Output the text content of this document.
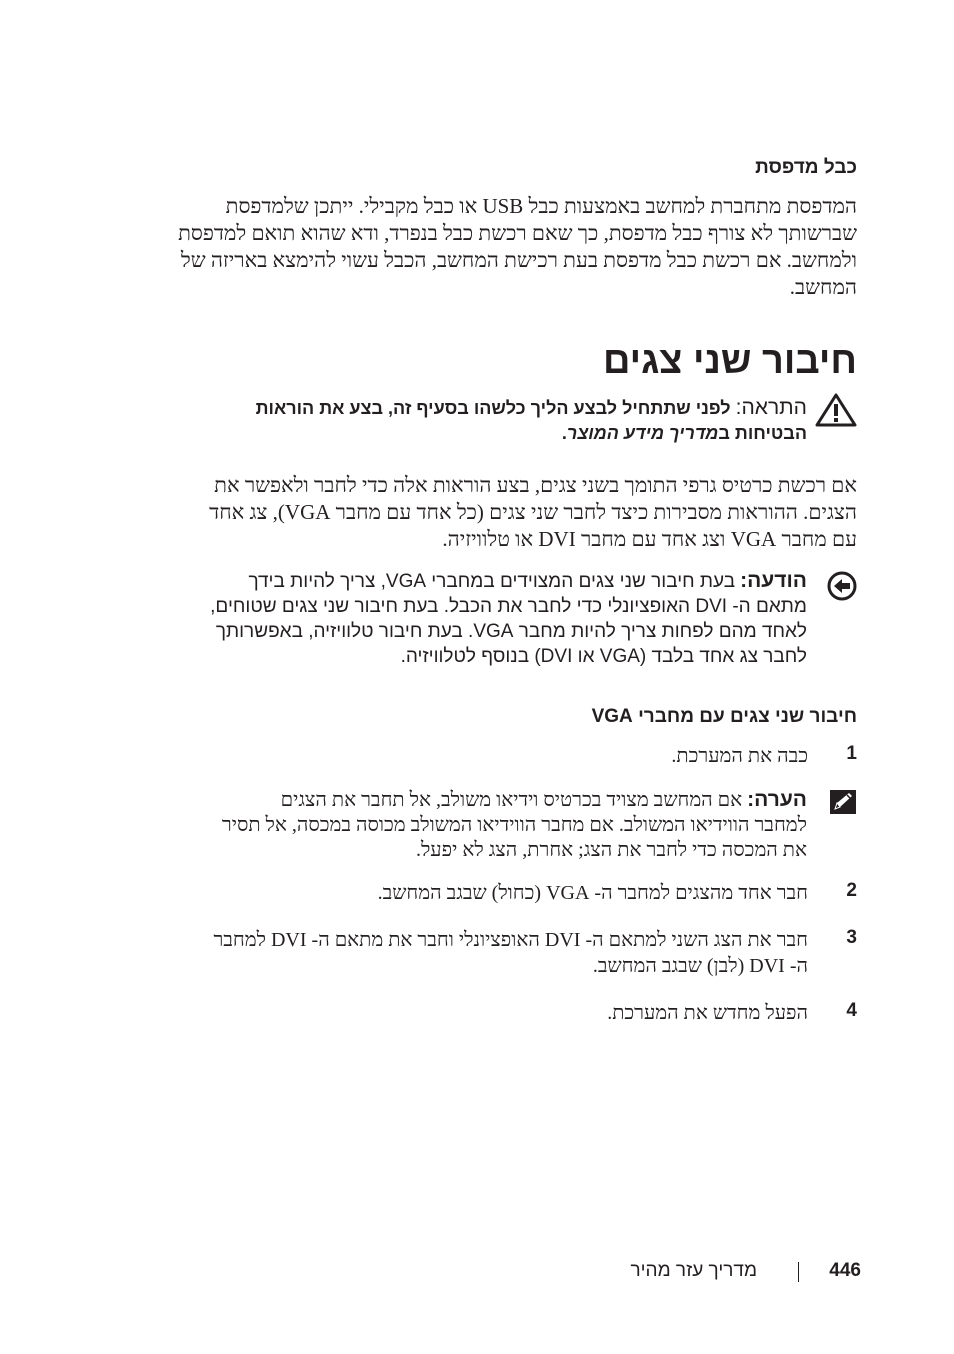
כבל מדפסת
המדפסת מתחברת למחשב באמצעות כבל USB או כבל מקבילי. ייתכן שלמדפסת
שברשותך לא צורף כבל מדפסת, כך שאם רכשת כבל בנפרד, ודא שהוא תואם למדפסת
ולמחשב. אם רכשת כבל מדפסת בעת רכישת המחשב, הכבל עשוי להימצא באריזה של
המחשב.
חיבור שני צגים
התראה: לפני שתתחיל לבצע הליך כלשהו בסעיף זה, בצע את הוראות
הבטיחות במדריך מידע המוצר.
אם רכשת כרטיס גרפי התומך בשני צגים, בצע הוראות אלה כדי לחבר ולאפשר את
הצגים. ההוראות מסבירות כיצד לחבר שני צגים (כל אחד עם מחבר VGA), צג אחד
עם מחבר VGA וצג אחד עם מחבר DVI או טלוויזיה.
הודעה: בעת חיבור שני צגים המצוידים במחברי VGA, צריך להיות בידך
מתאם ה- DVI האופציונלי כדי לחבר את הכבל. בעת חיבור שני צגים שטוחים,
לאחד מהם לפחות צריך להיות מחבר VGA. בעת חיבור טלוויזיה, באפשרותך
לחבר צג אחד בלבד (VGA או DVI) בנוסף לטלוויזיה.
חיבור שני צגים עם מחברי VGA
1
כבה את המערכת.
הערה: אם המחשב מצויד בכרטיס וידיאו משולב, אל תחבר את הצגים
למחבר הווידיאו המשולב. אם מחבר הווידיאו המשולב מכוסה במכסה, אל תסיר
את המכסה כדי לחבר את הצג; אחרת, הצג לא יפעל.
2
חבר אחד מהצגים למחבר ה- VGA (כחול) שבגב המחשב.
3
חבר את הצג השני למתאם ה- DVI האופציונלי וחבר את מתאם ה- DVI למחבר
ה- DVI (לבן) שבגב המחשב.
4
הפעל מחדש את המערכת.
446
מדריך עזר מהיר
